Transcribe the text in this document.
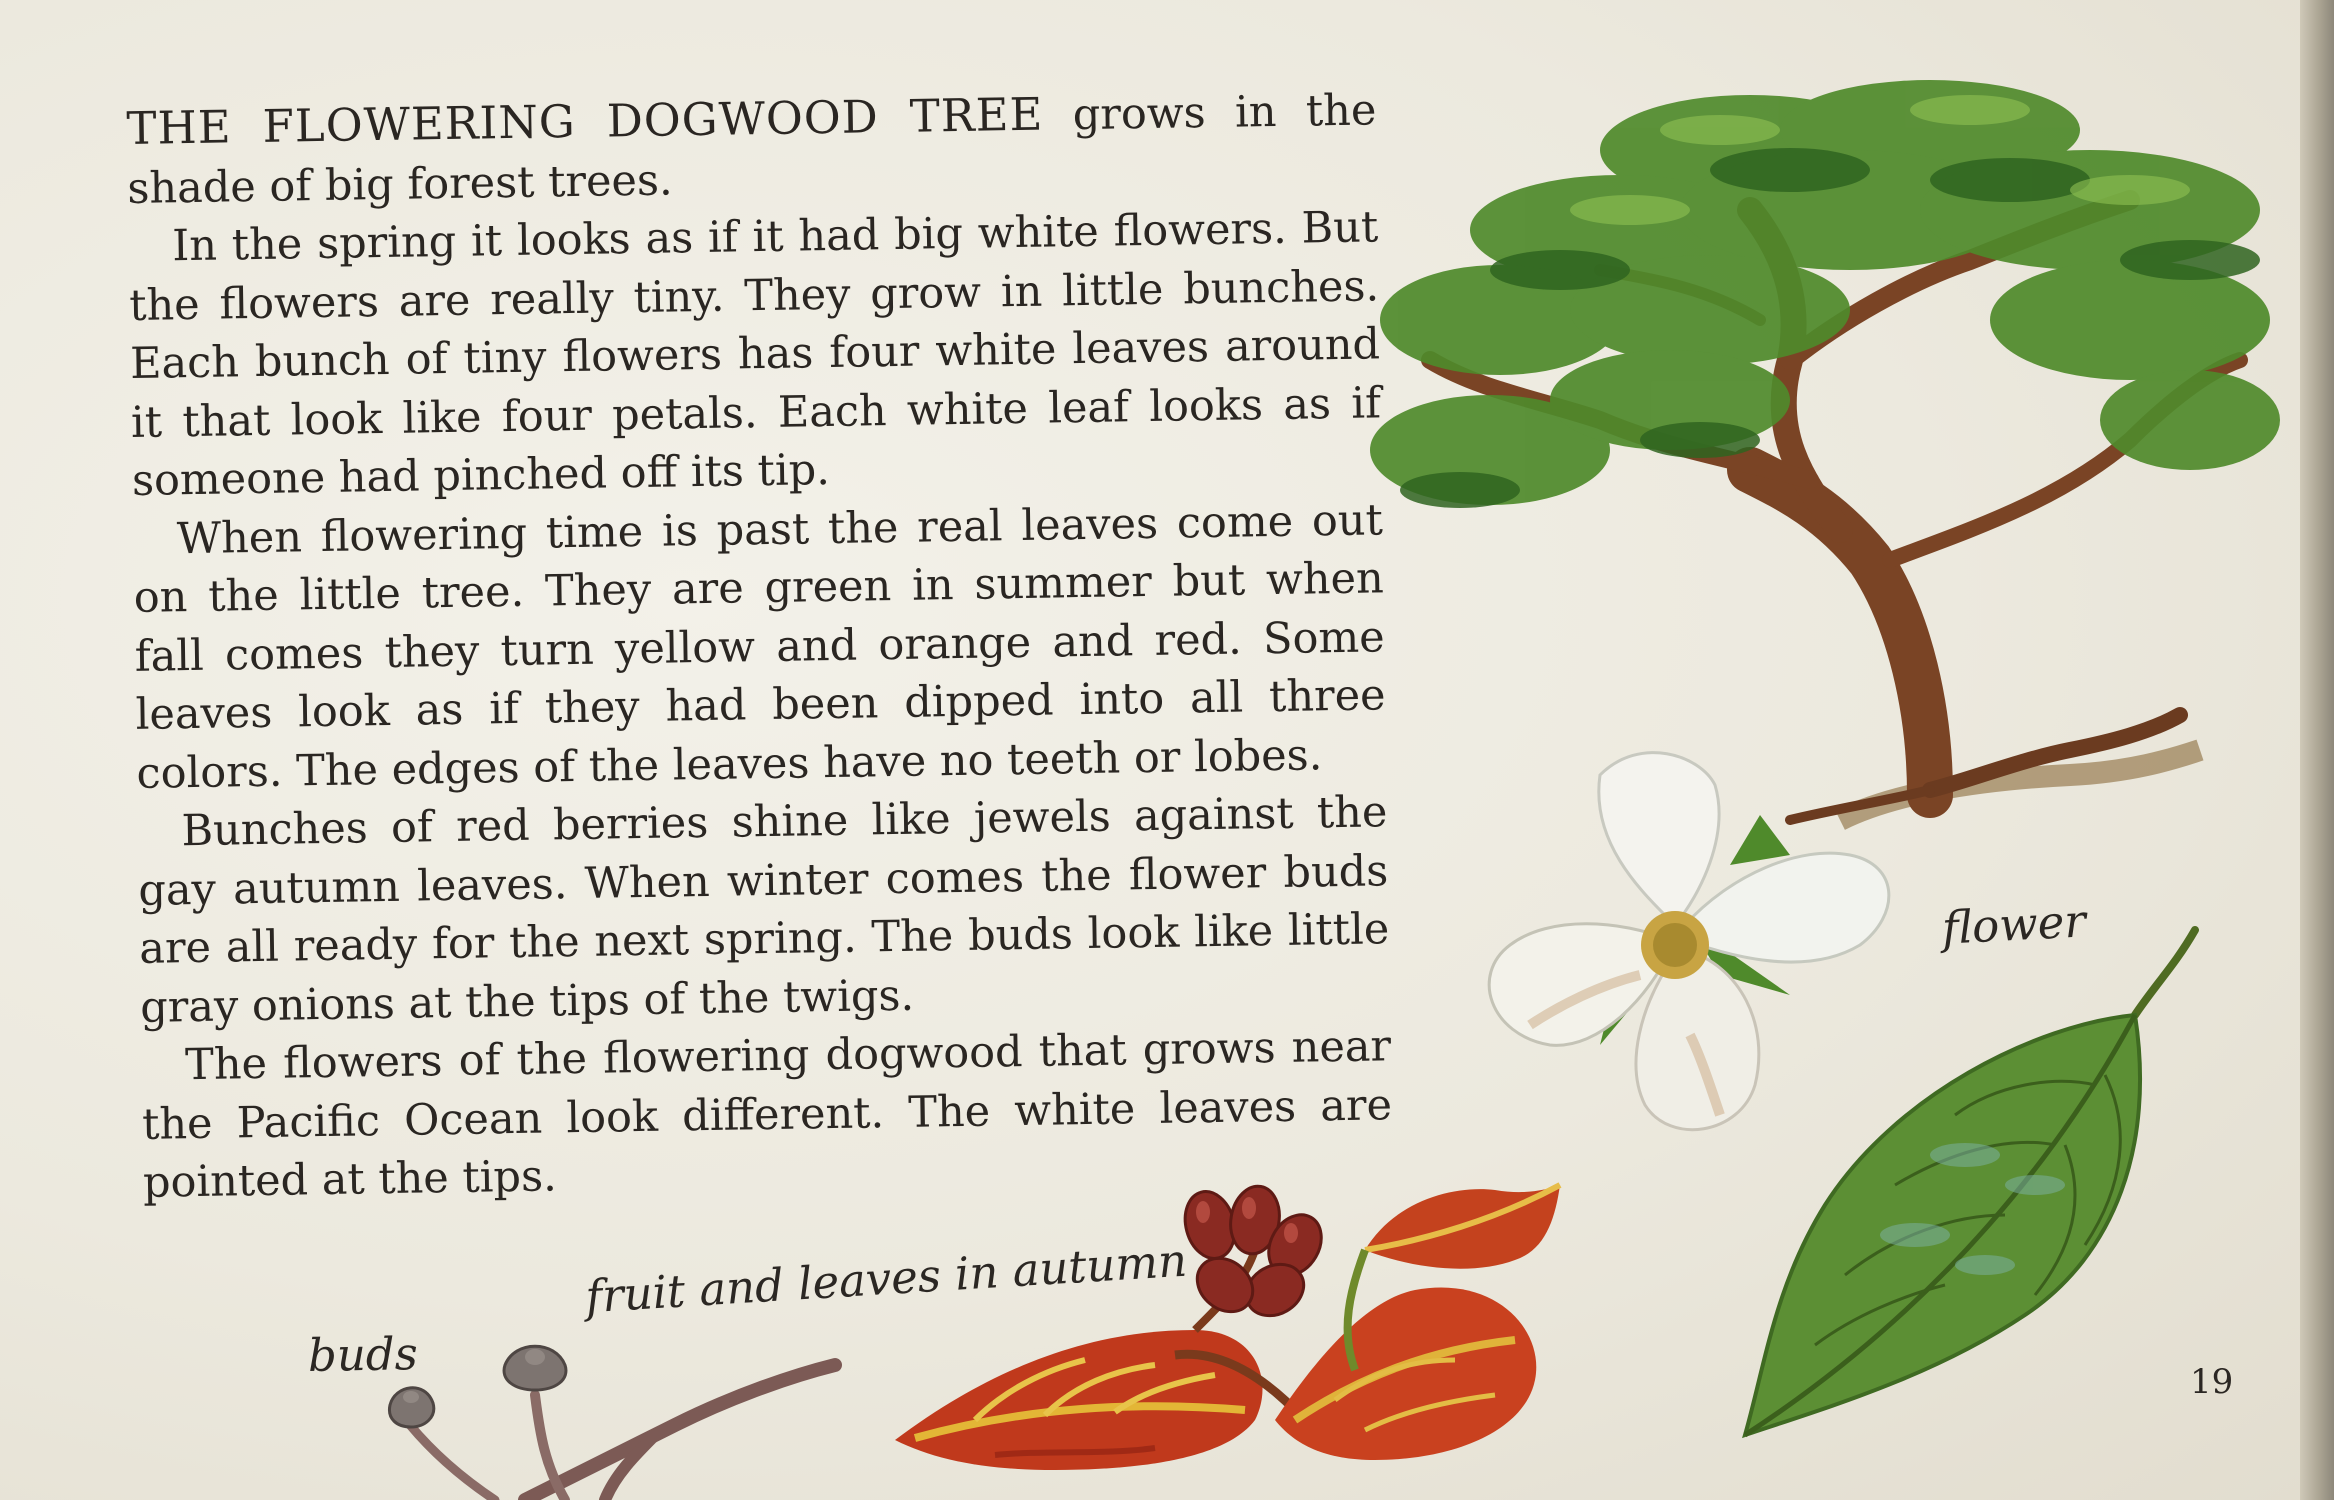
THE FLOWERING DOGWOOD TREE grows in the shade of big forest trees.

In the spring it looks as if it had big white flowers. But the flowers are really tiny. They grow in little bunches. Each bunch of tiny flowers has four white leaves around it that look like four petals. Each white leaf looks as if someone had pinched off its tip.

When flowering time is past the real leaves come out on the little tree. They are green in summer but when fall comes they turn yellow and orange and red. Some leaves look as if they had been dipped into all three colors. The edges of the leaves have no teeth or lobes.

Bunches of red berries shine like jewels against the gay autumn leaves. When winter comes the flower buds are all ready for the next spring. The buds look like little gray onions at the tips of the twigs.

The flowers of the flowering dogwood that grows near the Pacific Ocean look different. The white leaves are pointed at the tips.

flower
fruit and leaves in autumn
buds
19
